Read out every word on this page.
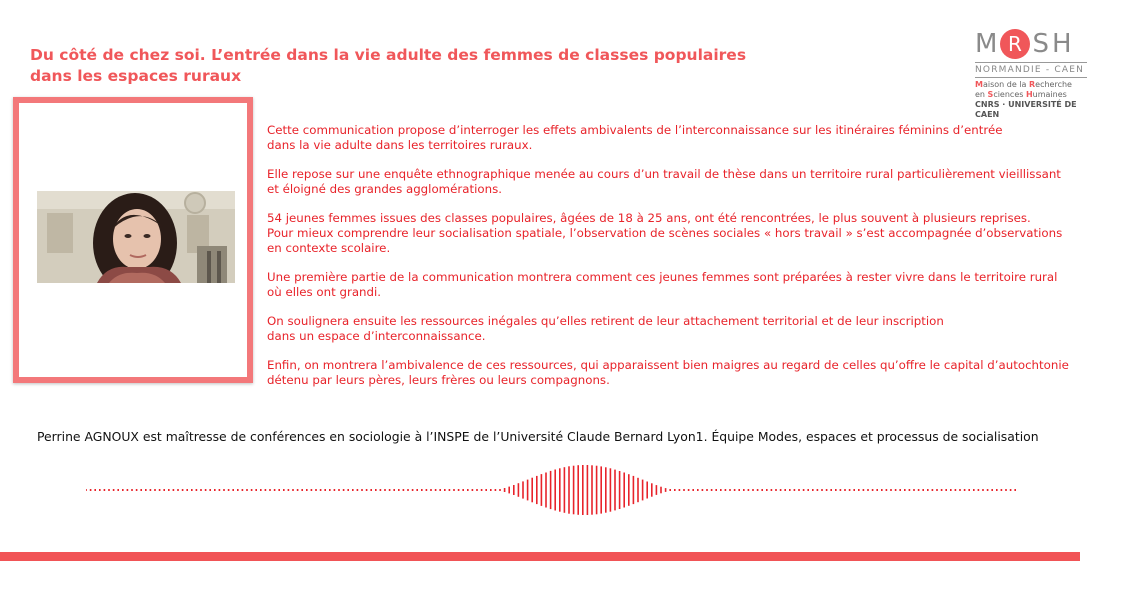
Du côté de chez soi. L’entrée dans la vie adulte des femmes de classes populaires
dans les espaces ruraux
M R S H
NORMANDIE - CAEN
Maison de la Recherche
en Sciences Humaines
CNRS · UNIVERSITÉ DE CAEN
Cette communication propose d’interroger les effets ambivalents de l’interconnaissance sur les itinéraires féminins d’entrée
dans la vie adulte dans les territoires ruraux.
Elle repose sur une enquête ethnographique menée au cours d’un travail de thèse dans un territoire rural particulièrement vieillissant
et éloigné des grandes agglomérations.
54 jeunes femmes issues des classes populaires, âgées de 18 à 25 ans, ont été rencontrées, le plus souvent à plusieurs reprises.
Pour mieux comprendre leur socialisation spatiale, l’observation de scènes sociales « hors travail » s’est accompagnée d’observations
en contexte scolaire.
Une première partie de la communication montrera comment ces jeunes femmes sont préparées à rester vivre dans le territoire rural
où elles ont grandi.
On soulignera ensuite les ressources inégales qu’elles retirent de leur attachement territorial et de leur inscription
dans un espace d’interconnaissance.
Enfin, on montrera l’ambivalence de ces ressources, qui apparaissent bien maigres au regard de celles qu’offre le capital d’autochtonie
détenu par leurs pères, leurs frères ou leurs compagnons.
Perrine AGNOUX est maîtresse de conférences en sociologie à l’INSPE de l’Université Claude Bernard Lyon1. Équipe Modes, espaces et processus de socialisation
